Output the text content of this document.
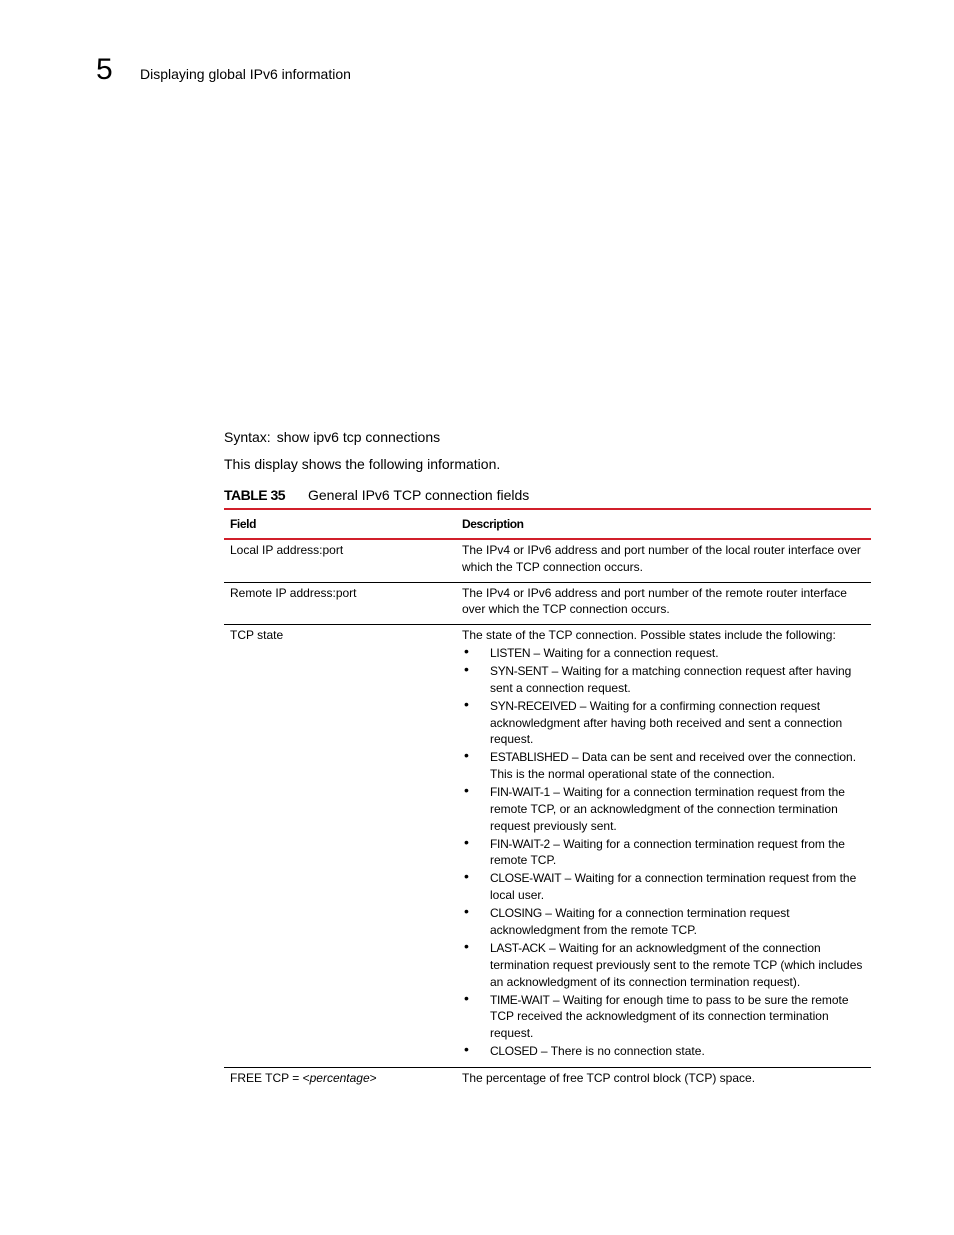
5 Displaying global IPv6 information
Syntax: show ipv6 tcp connections
This display shows the following information.
TABLE 35 General IPv6 TCP connection fields
Field	Description
Local IP address:port	The IPv4 or IPv6 address and port number of the local router interface over which the TCP connection occurs.
Remote IP address:port	The IPv4 or IPv6 address and port number of the remote router interface over which the TCP connection occurs.
TCP state	The state of the TCP connection. Possible states include the following:
• LISTEN – Waiting for a connection request.
• SYN-SENT – Waiting for a matching connection request after having sent a connection request.
• SYN-RECEIVED – Waiting for a confirming connection request acknowledgment after having both received and sent a connection request.
• ESTABLISHED – Data can be sent and received over the connection. This is the normal operational state of the connection.
• FIN-WAIT-1 – Waiting for a connection termination request from the remote TCP, or an acknowledgment of the connection termination request previously sent.
• FIN-WAIT-2 – Waiting for a connection termination request from the remote TCP.
• CLOSE-WAIT – Waiting for a connection termination request from the local user.
• CLOSING – Waiting for a connection termination request acknowledgment from the remote TCP.
• LAST-ACK – Waiting for an acknowledgment of the connection termination request previously sent to the remote TCP (which includes an acknowledgment of its connection termination request).
• TIME-WAIT – Waiting for enough time to pass to be sure the remote TCP received the acknowledgment of its connection termination request.
• CLOSED – There is no connection state.
FREE TCP = <percentage>	The percentage of free TCP control block (TCP) space.
